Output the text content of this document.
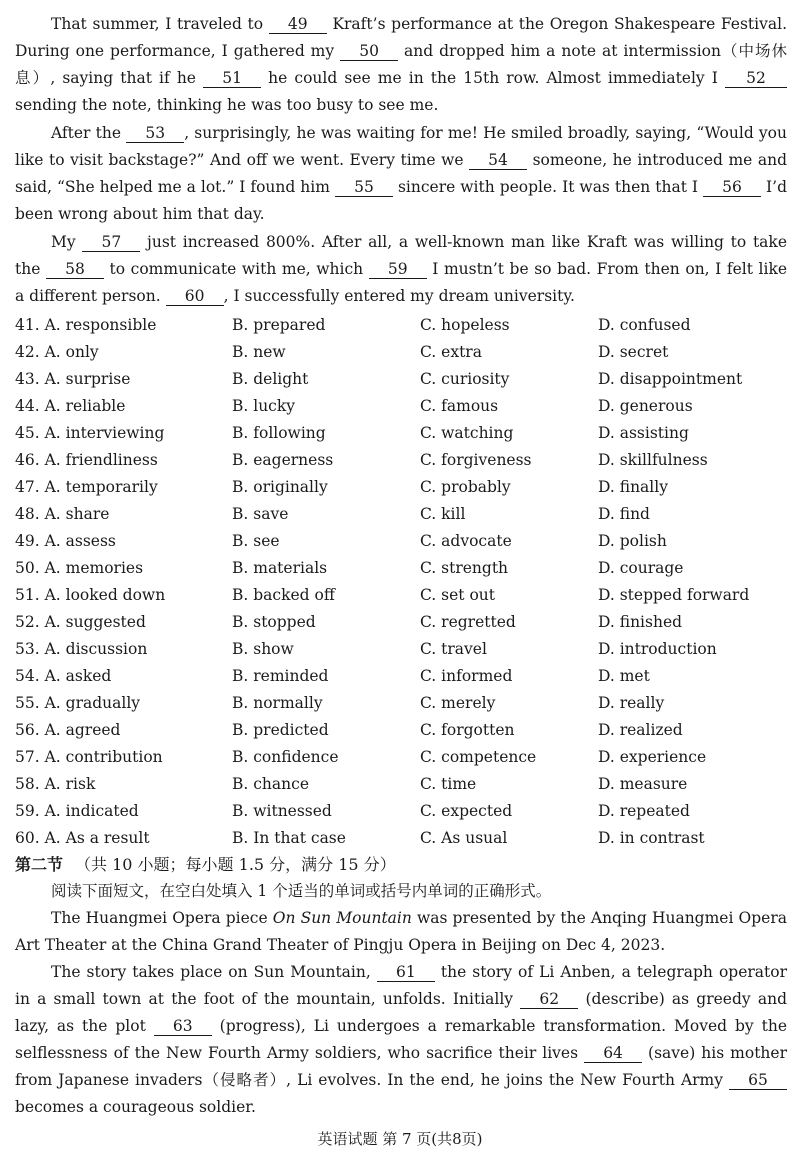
That summer, I traveled to 49 Kraft’s performance at the Oregon Shakespeare Festival. During one performance, I gathered my 50 and dropped him a note at intermission（中场休息）, saying that if he 51 he could see me in the 15th row. Almost immediately I 52 sending the note, thinking he was too busy to see me.
After the 53 , surprisingly, he was waiting for me! He smiled broadly, saying, “Would you like to visit backstage?” And off we went. Every time we 54 someone, he introduced me and said, “She helped me a lot.” I found him 55 sincere with people. It was then that I 56 I’d been wrong about him that day.
My 57 just increased 800%. After all, a well-known man like Kraft was willing to take the 58 to communicate with me, which 59 I mustn’t be so bad. From then on, I felt like a different person. 60 , I successfully entered my dream university.
41. A. responsible	B. prepared	C. hopeless	D. confused
42. A. only	B. new	C. extra	D. secret
43. A. surprise	B. delight	C. curiosity	D. disappointment
44. A. reliable	B. lucky	C. famous	D. generous
45. A. interviewing	B. following	C. watching	D. assisting
46. A. friendliness	B. eagerness	C. forgiveness	D. skillfulness
47. A. temporarily	B. originally	C. probably	D. finally
48. A. share	B. save	C. kill	D. find
49. A. assess	B. see	C. advocate	D. polish
50. A. memories	B. materials	C. strength	D. courage
51. A. looked down	B. backed off	C. set out	D. stepped forward
52. A. suggested	B. stopped	C. regretted	D. finished
53. A. discussion	B. show	C. travel	D. introduction
54. A. asked	B. reminded	C. informed	D. met
55. A. gradually	B. normally	C. merely	D. really
56. A. agreed	B. predicted	C. forgotten	D. realized
57. A. contribution	B. confidence	C. competence	D. experience
58. A. risk	B. chance	C. time	D. measure
59. A. indicated	B. witnessed	C. expected	D. repeated
60. A. As a result	B. In that case	C. As usual	D. in contrast
第二节 （共 10 小题；每小题 1.5 分，满分 15 分）
阅读下面短文，在空白处填入 1 个适当的单词或括号内单词的正确形式。
The Huangmei Opera piece On Sun Mountain was presented by the Anqing Huangmei Opera Art Theater at the China Grand Theater of Pingju Opera in Beijing on Dec 4, 2023.
The story takes place on Sun Mountain, 61 the story of Li Anben, a telegraph operator in a small town at the foot of the mountain, unfolds. Initially 62 (describe) as greedy and lazy, as the plot 63 (progress), Li undergoes a remarkable transformation. Moved by the selflessness of the New Fourth Army soldiers, who sacrifice their lives 64 (save) his mother from Japanese invaders（侵略者）, Li evolves. In the end, he joins the New Fourth Army 65 becomes a courageous soldier.
英语试题 第 7 页(共8页)
